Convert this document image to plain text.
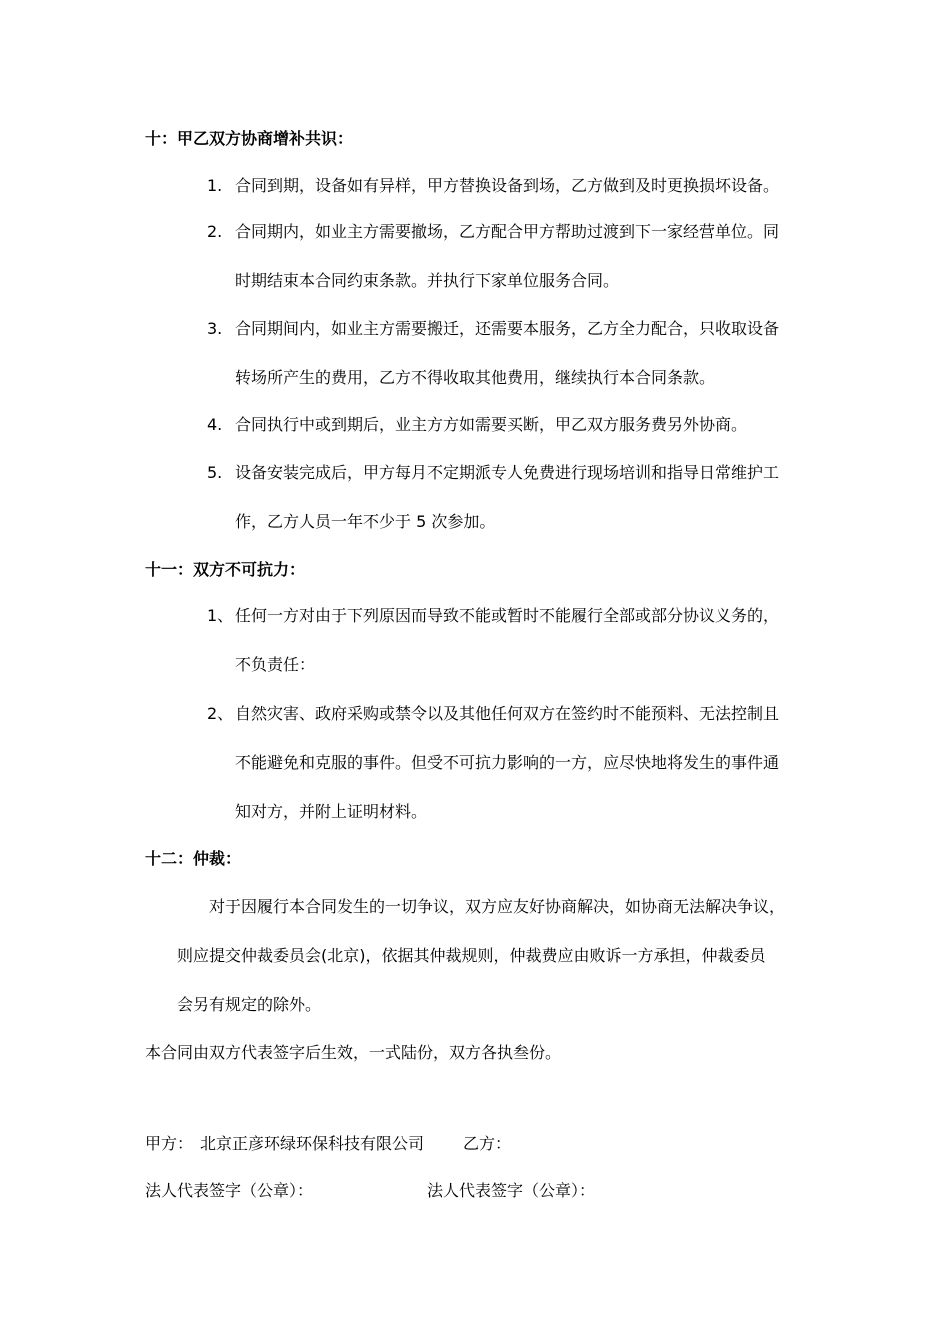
十：甲乙双方协商增补共识：
1. 合同到期，设备如有异样，甲方替换设备到场，乙方做到及时更换损坏设备。
2. 合同期内，如业主方需要撤场，乙方配合甲方帮助过渡到下一家经营单位。同
时期结束本合同约束条款。并执行下家单位服务合同。
3. 合同期间内，如业主方需要搬迁，还需要本服务，乙方全力配合，只收取设备
转场所产生的费用，乙方不得收取其他费用，继续执行本合同条款。
4. 合同执行中或到期后，业主方方如需要买断，甲乙双方服务费另外协商。
5. 设备安装完成后，甲方每月不定期派专人免费进行现场培训和指导日常维护工
作，乙方人员一年不少于 5 次参加。
十一：双方不可抗力：
1、 任何一方对由于下列原因而导致不能或暂时不能履行全部或部分协议义务的，
不负责任：
2、 自然灾害、政府采购或禁令以及其他任何双方在签约时不能预料、无法控制且
不能避免和克服的事件。但受不可抗力影响的一方，应尽快地将发生的事件通
知对方，并附上证明材料。
十二：仲裁：
对于因履行本合同发生的一切争议，双方应友好协商解决，如协商无法解决争议，
则应提交仲裁委员会(北京)，依据其仲裁规则，仲裁费应由败诉一方承担，仲裁委员
会另有规定的除外。
本合同由双方代表签字后生效，一式陆份，双方各执叁份。
甲方： 北京正彦环绿环保科技有限公司 乙方：
法人代表签字（公章）：	法人代表签字（公章）：
